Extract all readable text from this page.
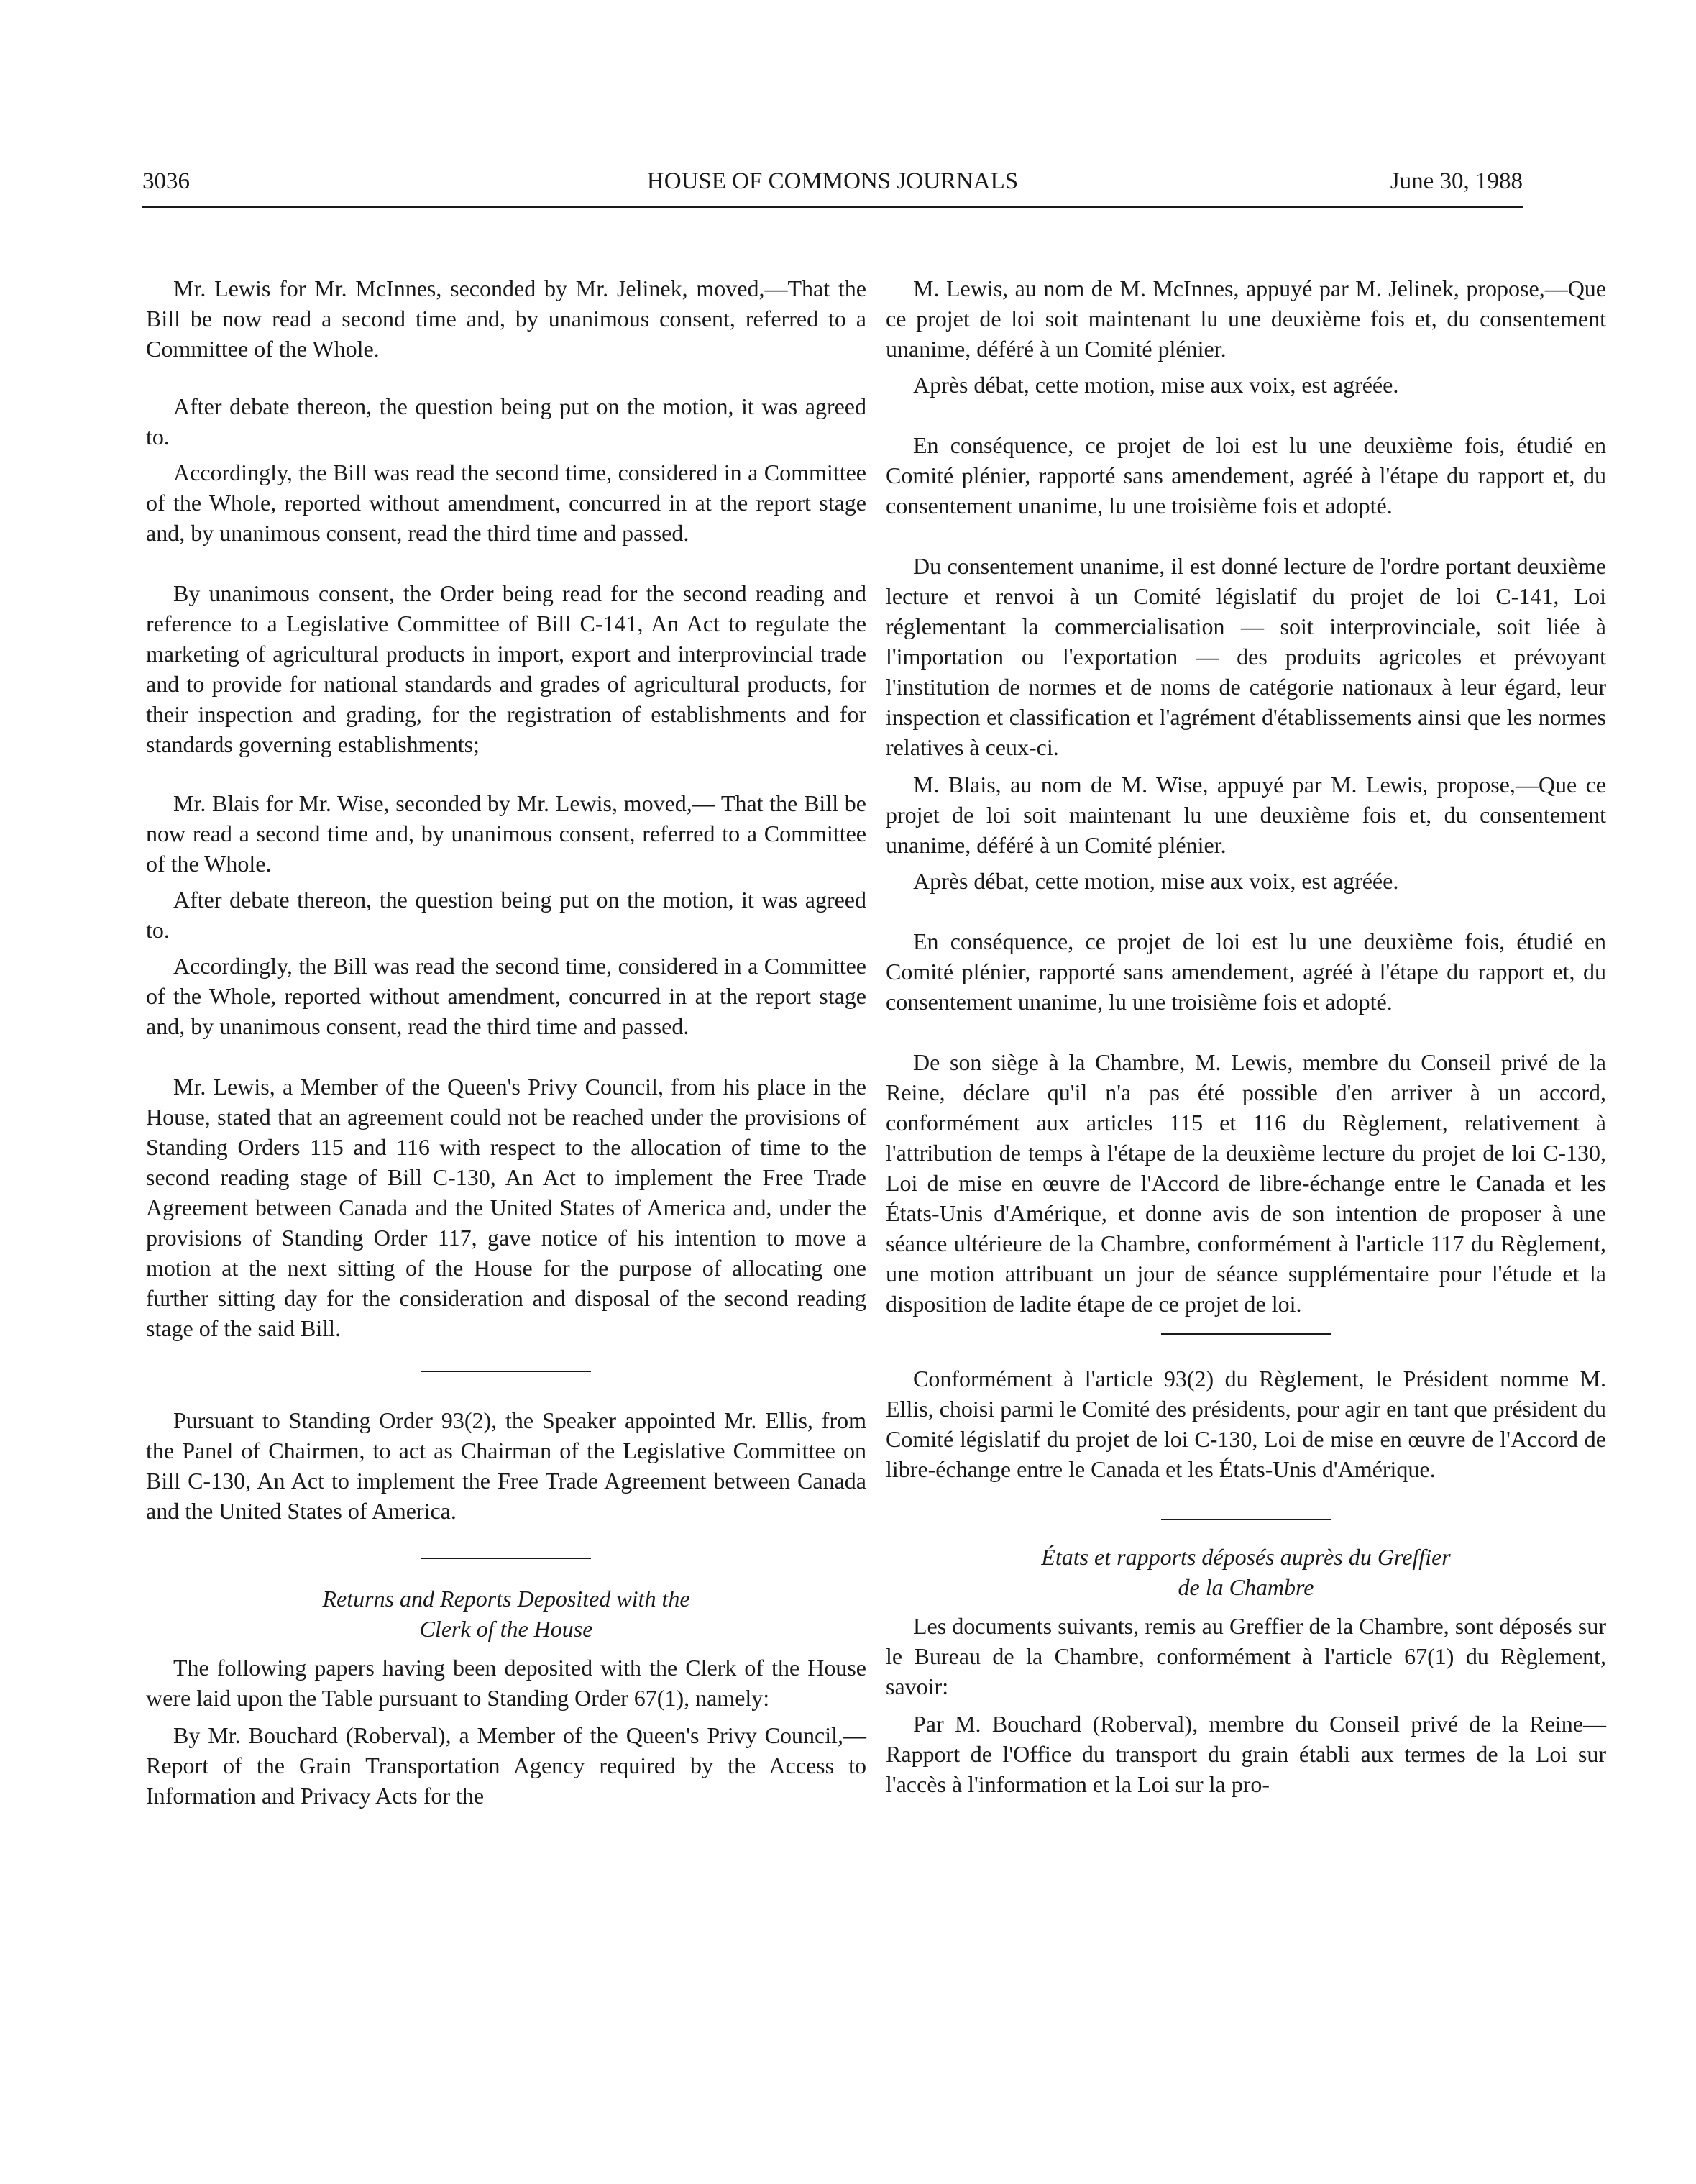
HOUSE OF COMMONS JOURNALS
3036	June 30, 1988

Mr. Lewis for Mr. McInnes, seconded by Mr. Jelinek, moved,—That the Bill be now read a second time and, by unanimous consent, referred to a Committee of the Whole.

After debate thereon, the question being put on the motion, it was agreed to.

Accordingly, the Bill was read the second time, considered in a Committee of the Whole, reported without amendment, concurred in at the report stage and, by unanimous consent, read the third time and passed.

By unanimous consent, the Order being read for the second reading and reference to a Legislative Committee of Bill C-141, An Act to regulate the marketing of agricultural products in import, export and interprovincial trade and to provide for national standards and grades of agricultural products, for their inspection and grading, for the registration of establishments and for standards governing establishments;

Mr. Blais for Mr. Wise, seconded by Mr. Lewis, moved,— That the Bill be now read a second time and, by unanimous consent, referred to a Committee of the Whole.

After debate thereon, the question being put on the motion, it was agreed to.

Accordingly, the Bill was read the second time, considered in a Committee of the Whole, reported without amendment, concurred in at the report stage and, by unanimous consent, read the third time and passed.

Mr. Lewis, a Member of the Queen's Privy Council, from his place in the House, stated that an agreement could not be reached under the provisions of Standing Orders 115 and 116 with respect to the allocation of time to the second reading stage of Bill C-130, An Act to implement the Free Trade Agreement between Canada and the United States of America and, under the provisions of Standing Order 117, gave notice of his intention to move a motion at the next sitting of the House for the purpose of allocating one further sitting day for the consideration and disposal of the second reading stage of the said Bill.

Pursuant to Standing Order 93(2), the Speaker appointed Mr. Ellis, from the Panel of Chairmen, to act as Chairman of the Legislative Committee on Bill C-130, An Act to implement the Free Trade Agreement between Canada and the United States of America.

Returns and Reports Deposited with the

Clerk of the House

The following papers having been deposited with the Clerk of the House were laid upon the Table pursuant to Standing Order 67(1), namely:

By Mr. Bouchard (Roberval), a Member of the Queen's Privy Council,—Report of the Grain Transportation Agency required by the Access to Information and Privacy Acts for the

M. Lewis, au nom de M. McInnes, appuyé par M. Jelinek, propose,—Que ce projet de loi soit maintenant lu une deuxième fois et, du consentement unanime, déféré à un Comité plénier.

Après débat, cette motion, mise aux voix, est agréée.

En conséquence, ce projet de loi est lu une deuxième fois, étudié en Comité plénier, rapporté sans amendement, agréé à l'étape du rapport et, du consentement unanime, lu une troisième fois et adopté.

Du consentement unanime, il est donné lecture de l'ordre portant deuxième lecture et renvoi à un Comité législatif du projet de loi C-141, Loi réglementant la commercialisation — soit interprovinciale, soit liée à l'importation ou l'exportation — des produits agricoles et prévoyant l'institution de normes et de noms de catégorie nationaux à leur égard, leur inspection et classification et l'agrément d'établissements ainsi que les normes relatives à ceux-ci.

M. Blais, au nom de M. Wise, appuyé par M. Lewis, propose,—Que ce projet de loi soit maintenant lu une deuxième fois et, du consentement unanime, déféré à un Comité plénier.

Après débat, cette motion, mise aux voix, est agréée.

En conséquence, ce projet de loi est lu une deuxième fois, étudié en Comité plénier, rapporté sans amendement, agréé à l'étape du rapport et, du consentement unanime, lu une troisième fois et adopté.

De son siège à la Chambre, M. Lewis, membre du Conseil privé de la Reine, déclare qu'il n'a pas été possible d'en arriver à un accord, conformément aux articles 115 et 116 du Règlement, relativement à l'attribution de temps à l'étape de la deuxième lecture du projet de loi C-130, Loi de mise en œuvre de l'Accord de libre-échange entre le Canada et les États-Unis d'Amérique, et donne avis de son intention de proposer à une séance ultérieure de la Chambre, conformément à l'article 117 du Règlement, une motion attribuant un jour de séance supplémentaire pour l'étude et la disposition de ladite étape de ce projet de loi.

Conformément à l'article 93(2) du Règlement, le Président nomme M. Ellis, choisi parmi le Comité des présidents, pour agir en tant que président du Comité législatif du projet de loi C-130, Loi de mise en œuvre de l'Accord de libre-échange entre le Canada et les États-Unis d'Amérique.

États et rapports déposés auprès du Greffier

de la Chambre

Les documents suivants, remis au Greffier de la Chambre, sont déposés sur le Bureau de la Chambre, conformément à l'article 67(1) du Règlement, savoir:

Par M. Bouchard (Roberval), membre du Conseil privé de la Reine—Rapport de l'Office du transport du grain établi aux termes de la Loi sur l'accès à l'information et la Loi sur la pro-
